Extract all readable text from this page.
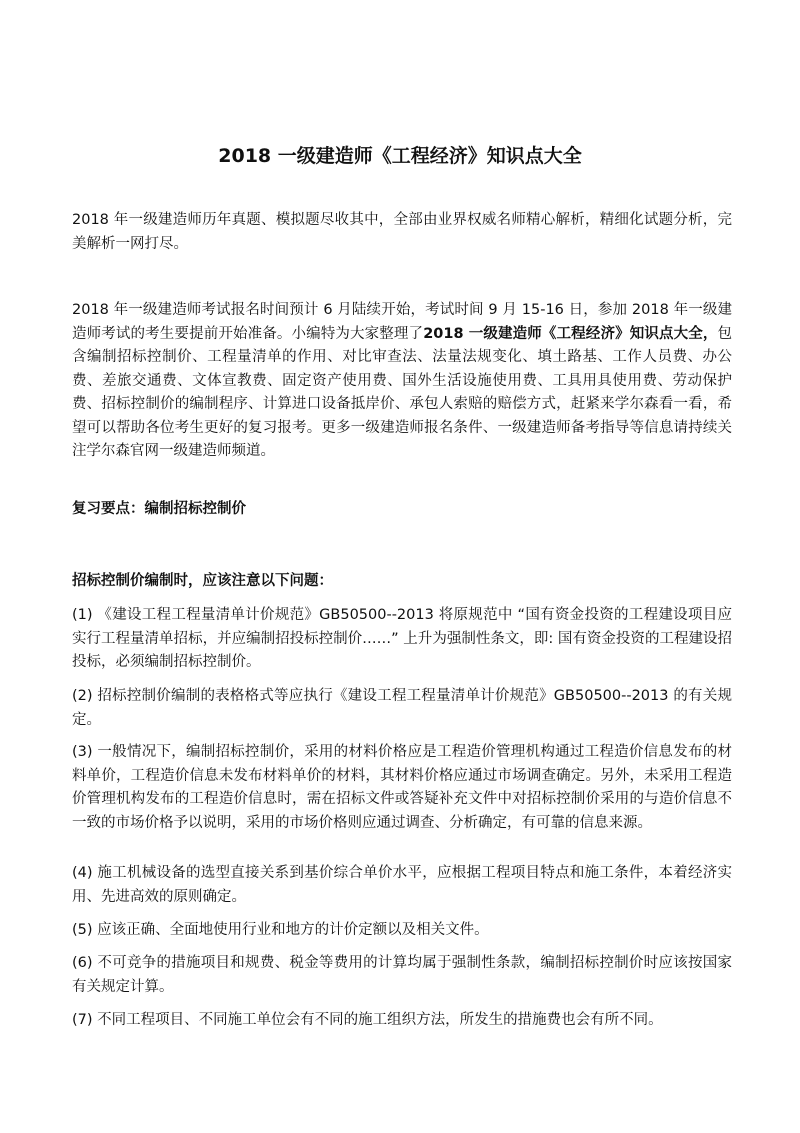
2018 一级建造师《工程经济》知识点大全

2018 年一级建造师历年真题、模拟题尽收其中，全部由业界权威名师精心解析，精细化试题分析，完美解析一网打尽。

2018 年一级建造师考试报名时间预计 6 月陆续开始，考试时间 9 月 15-16 日，参加 2018 年一级建造师考试的考生要提前开始准备。小编特为大家整理了2018 一级建造师《工程经济》知识点大全，包含编制招标控制价、工程量清单的作用、对比审查法、法量法规变化、填土路基、工作人员费、办公费、差旅交通费、文体宣教费、固定资产使用费、国外生活设施使用费、工具用具使用费、劳动保护费、招标控制价的编制程序、计算进口设备抵岸价、承包人索赔的赔偿方式，赶紧来学尔森看一看，希望可以帮助各位考生更好的复习报考。更多一级建造师报名条件、一级建造师备考指导等信息请持续关注学尔森官网一级建造师频道。

复习要点：编制招标控制价

招标控制价编制时，应该注意以下问题：

(1) 《建设工程工程量清单计价规范》GB50500--2013 将原规范中 “国有资金投资的工程建设项目应实行工程量清单招标，并应编制招投标控制价……” 上升为强制性条文，即: 国有资金投资的工程建设招投标，必须编制招标控制价。

(2) 招标控制价编制的表格格式等应执行《建设工程工程量清单计价规范》GB50500--2013 的有关规定。

(3) 一般情况下，编制招标控制价，采用的材料价格应是工程造价管理机构通过工程造价信息发布的材料单价，工程造价信息未发布材料单价的材料，其材料价格应通过市场调查确定。另外，未采用工程造价管理机构发布的工程造价信息时，需在招标文件或答疑补充文件中对招标控制价采用的与造价信息不一致的市场价格予以说明，采用的市场价格则应通过调查、分析确定，有可靠的信息来源。

(4) 施工机械设备的选型直接关系到基价综合单价水平，应根据工程项目特点和施工条件，本着经济实用、先进高效的原则确定。

(5) 应该正确、全面地使用行业和地方的计价定额以及相关文件。

(6) 不可竞争的措施项目和规费、税金等费用的计算均属于强制性条款，编制招标控制价时应该按国家有关规定计算。

(7) 不同工程项目、不同施工单位会有不同的施工组织方法，所发生的措施费也会有所不同。
